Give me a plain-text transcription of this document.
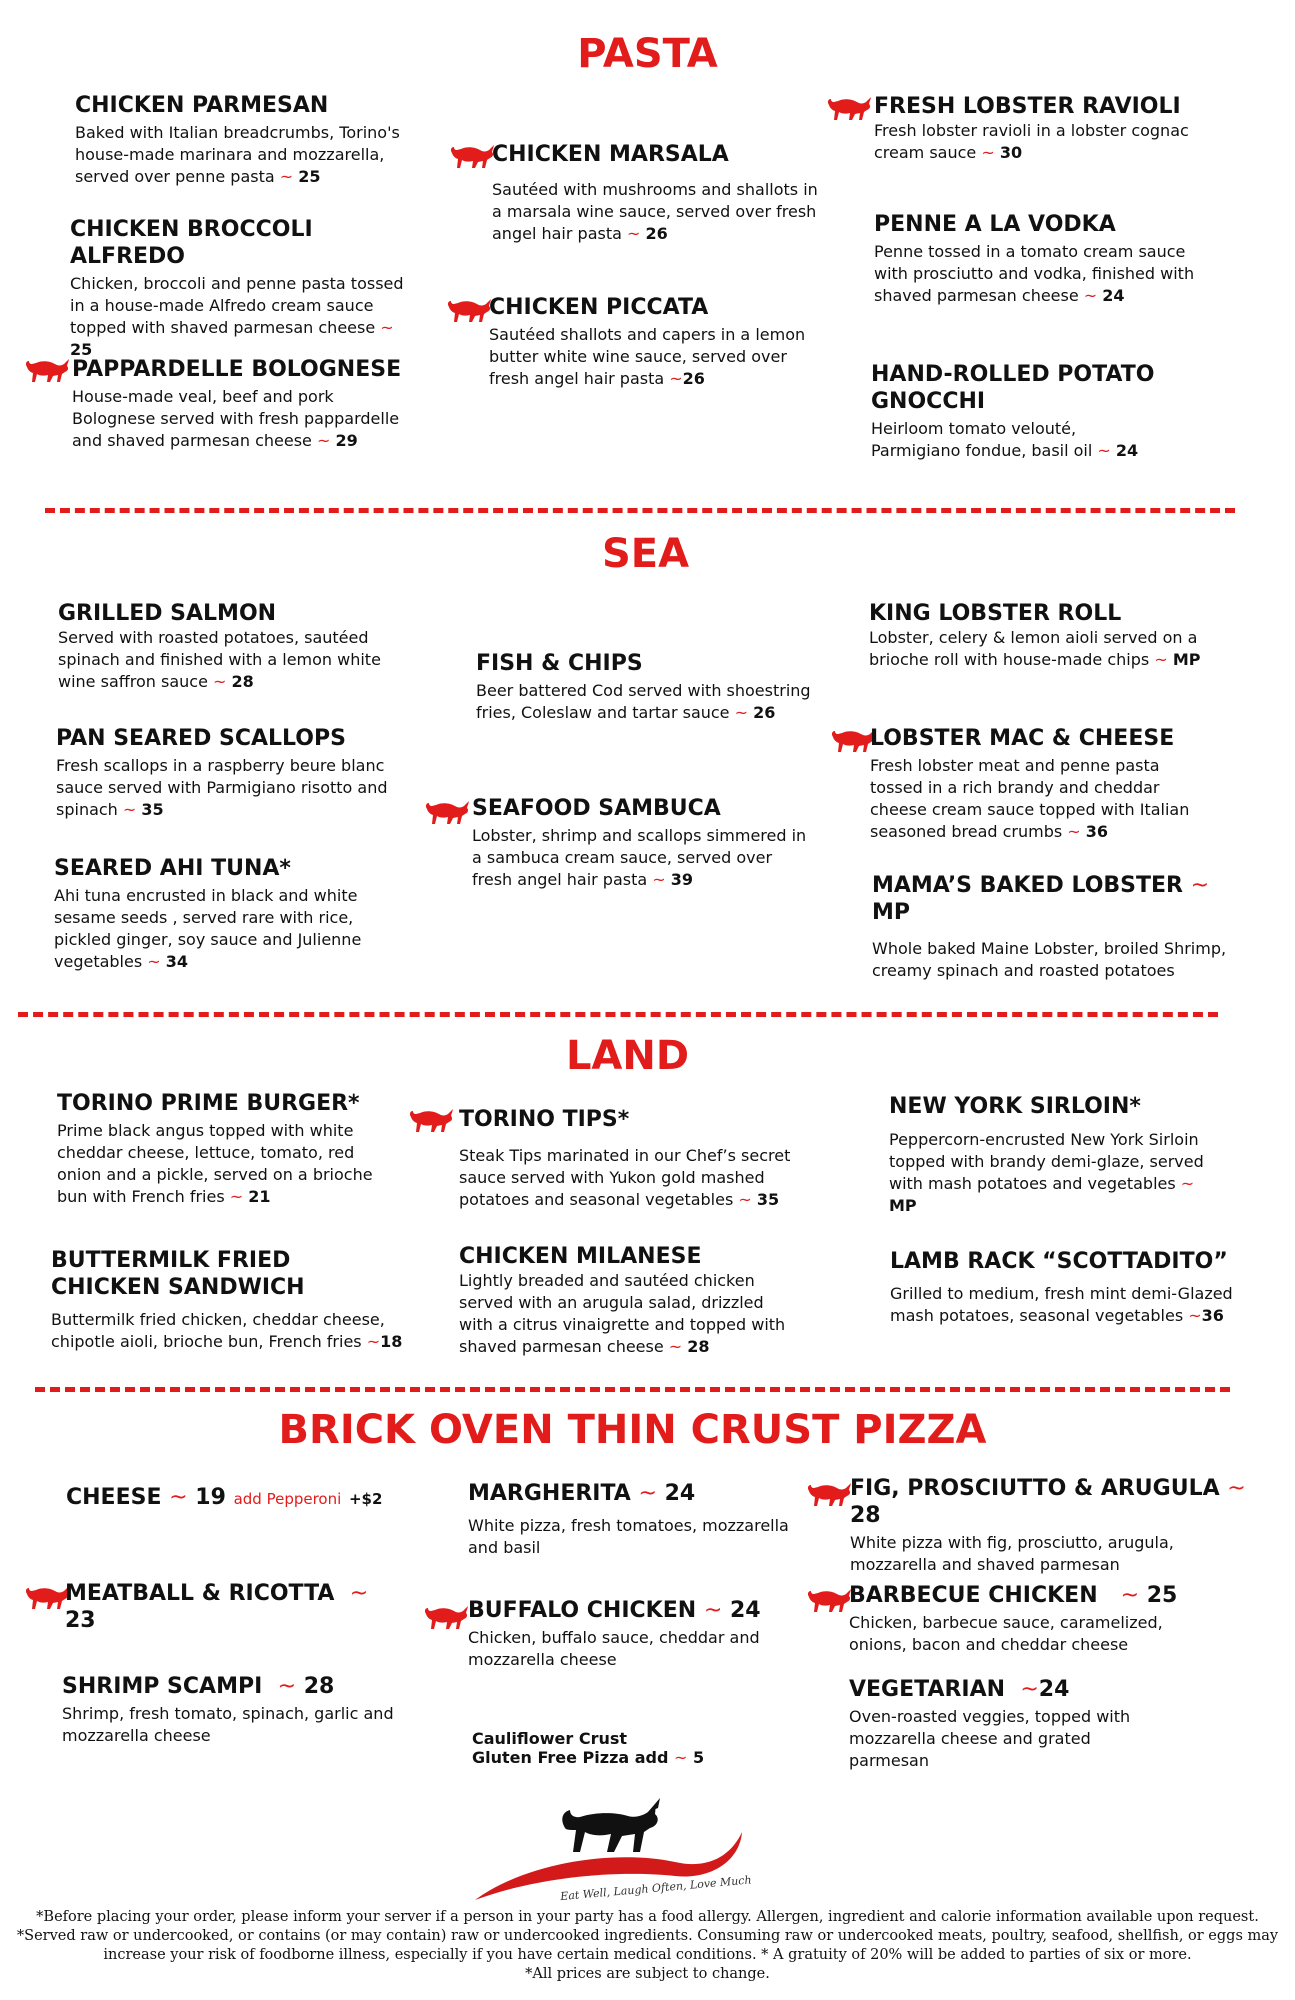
PASTA
CHICKEN PARMESAN
Baked with Italian breadcrumbs, Torino's house-made marinara and mozzarella, served over penne pasta ~ 25
CHICKEN BROCCOLI ALFREDO
Chicken, broccoli and penne pasta tossed in a house-made Alfredo cream sauce topped with shaved parmesan cheese ~ 25
PAPPARDELLE BOLOGNESE
House-made veal, beef and pork Bolognese served with fresh pappardelle and shaved parmesan cheese ~ 29
CHICKEN MARSALA
Sautéed with mushrooms and shallots in a marsala wine sauce, served over fresh angel hair pasta ~ 26
CHICKEN PICCATA
Sautéed shallots and capers in a lemon butter white wine sauce, served over fresh angel hair pasta ~26
FRESH LOBSTER RAVIOLI
Fresh lobster ravioli in a lobster cognac cream sauce ~ 30
PENNE A LA VODKA
Penne tossed in a tomato cream sauce with prosciutto and vodka, finished with shaved parmesan cheese ~ 24
HAND-ROLLED POTATO GNOCCHI
Heirloom tomato velouté, Parmigiano fondue, basil oil ~ 24
SEA
GRILLED SALMON
Served with roasted potatoes, sautéed spinach and finished with a lemon white wine saffron sauce ~ 28
PAN SEARED SCALLOPS
Fresh scallops in a raspberry beure blanc sauce served with Parmigiano risotto and spinach ~ 35
SEARED AHI TUNA*
Ahi tuna encrusted in black and white sesame seeds , served rare with rice, pickled ginger, soy sauce and Julienne vegetables ~ 34
FISH & CHIPS
Beer battered Cod served with shoestring fries, Coleslaw and tartar sauce ~ 26
SEAFOOD SAMBUCA
Lobster, shrimp and scallops simmered in a sambuca cream sauce, served over fresh angel hair pasta ~ 39
KING LOBSTER ROLL
Lobster, celery & lemon aioli served on a brioche roll with house-made chips ~ MP
LOBSTER MAC & CHEESE
Fresh lobster meat and penne pasta tossed in a rich brandy and cheddar cheese cream sauce topped with Italian seasoned bread crumbs ~ 36
MAMA’S BAKED LOBSTER ~ MP
Whole baked Maine Lobster, broiled Shrimp, creamy spinach and roasted potatoes
LAND
TORINO PRIME BURGER*
Prime black angus topped with white cheddar cheese, lettuce, tomato, red onion and a pickle, served on a brioche bun with French fries ~ 21
BUTTERMILK FRIED CHICKEN SANDWICH
Buttermilk fried chicken, cheddar cheese, chipotle aioli, brioche bun, French fries ~18
TORINO TIPS*
Steak Tips marinated in our Chef’s secret sauce served with Yukon gold mashed potatoes and seasonal vegetables ~ 35
CHICKEN MILANESE
Lightly breaded and sautéed chicken served with an arugula salad, drizzled with a citrus vinaigrette and topped with shaved parmesan cheese ~ 28
NEW YORK SIRLOIN*
Peppercorn-encrusted New York Sirloin topped with brandy demi-glaze, served with mash potatoes and vegetables ~ MP
LAMB RACK “SCOTTADITO”
Grilled to medium, fresh mint demi-Glazed mash potatoes, seasonal vegetables ~36
BRICK OVEN THIN CRUST PIZZA
CHEESE ~ 19 add Pepperoni +$2
MEATBALL & RICOTTA ~ 23
SHRIMP SCAMPI ~ 28
Shrimp, fresh tomato, spinach, garlic and mozzarella cheese
MARGHERITA ~ 24
White pizza, fresh tomatoes, mozzarella and basil
BUFFALO CHICKEN ~ 24
Chicken, buffalo sauce, cheddar and mozzarella cheese
Cauliflower Crust
Gluten Free Pizza add ~ 5
FIG, PROSCIUTTO & ARUGULA ~ 28
White pizza with fig, prosciutto, arugula, mozzarella and shaved parmesan
BARBECUE CHICKEN ~ 25
Chicken, barbecue sauce, caramelized, onions, bacon and cheddar cheese
VEGETARIAN ~24
Oven-roasted veggies, topped with mozzarella cheese and grated parmesan
Eat Well, Laugh Often, Love Much
*Before placing your order, please inform your server if a person in your party has a food allergy. Allergen, ingredient and calorie information available upon request.
*Served raw or undercooked, or contains (or may contain) raw or undercooked ingredients. Consuming raw or undercooked meats, poultry, seafood, shellfish, or eggs may
increase your risk of foodborne illness, especially if you have certain medical conditions. * A gratuity of 20% will be added to parties of six or more.
*All prices are subject to change.
